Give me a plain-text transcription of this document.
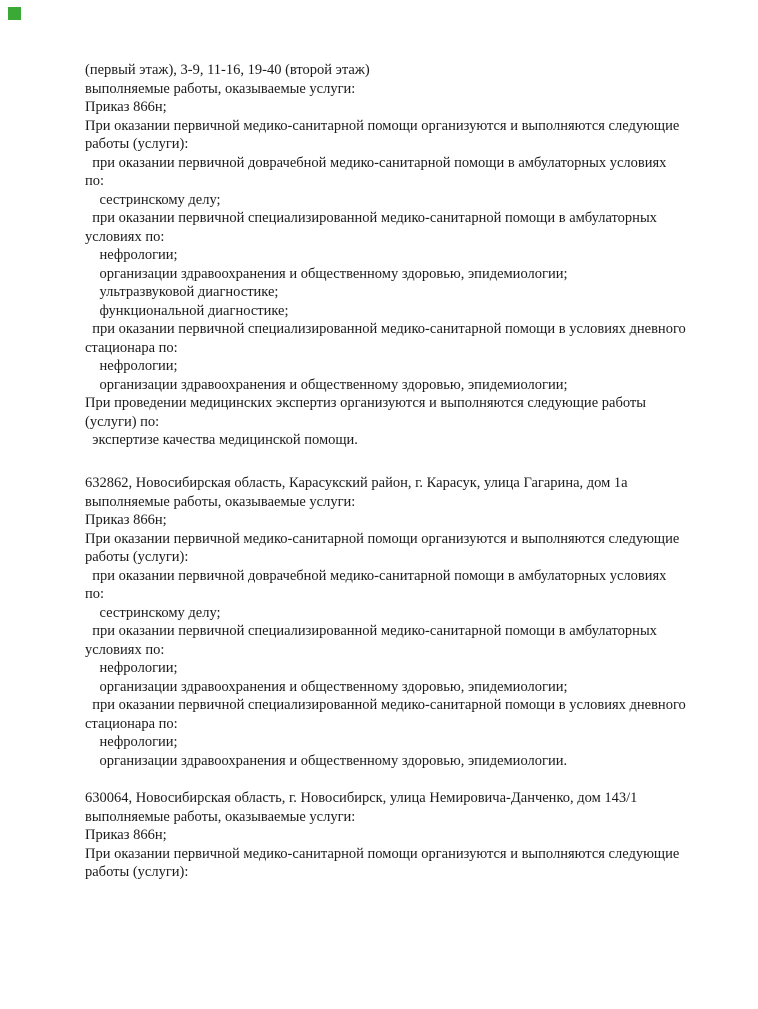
(первый этаж), 3-9, 11-16, 19-40 (второй этаж)
выполняемые работы, оказываемые услуги:
Приказ 866н;
При оказании первичной медико-санитарной помощи организуются и выполняются следующие
работы (услуги):
при оказании первичной доврачебной медико-санитарной помощи в амбулаторных условиях
по:
сестринскому делу;
при оказании первичной специализированной медико-санитарной помощи в амбулаторных
условиях по:
нефрологии;
организации здравоохранения и общественному здоровью, эпидемиологии;
ультразвуковой диагностике;
функциональной диагностике;
при оказании первичной специализированной медико-санитарной помощи в условиях дневного
стационара по:
нефрологии;
организации здравоохранения и общественному здоровью, эпидемиологии;
При проведении медицинских экспертиз организуются и выполняются следующие работы
(услуги) по:
экспертизе качества медицинской помощи.
632862, Новосибирская область, Карасукский район, г. Карасук, улица Гагарина, дом 1а
выполняемые работы, оказываемые услуги:
Приказ 866н;
При оказании первичной медико-санитарной помощи организуются и выполняются следующие
работы (услуги):
при оказании первичной доврачебной медико-санитарной помощи в амбулаторных условиях
по:
сестринскому делу;
при оказании первичной специализированной медико-санитарной помощи в амбулаторных
условиях по:
нефрологии;
организации здравоохранения и общественному здоровью, эпидемиологии;
при оказании первичной специализированной медико-санитарной помощи в условиях дневного
стационара по:
нефрологии;
организации здравоохранения и общественному здоровью, эпидемиологии.
630064, Новосибирская область, г. Новосибирск, улица Немировича-Данченко, дом 143/1
выполняемые работы, оказываемые услуги:
Приказ 866н;
При оказании первичной медико-санитарной помощи организуются и выполняются следующие
работы (услуги):
